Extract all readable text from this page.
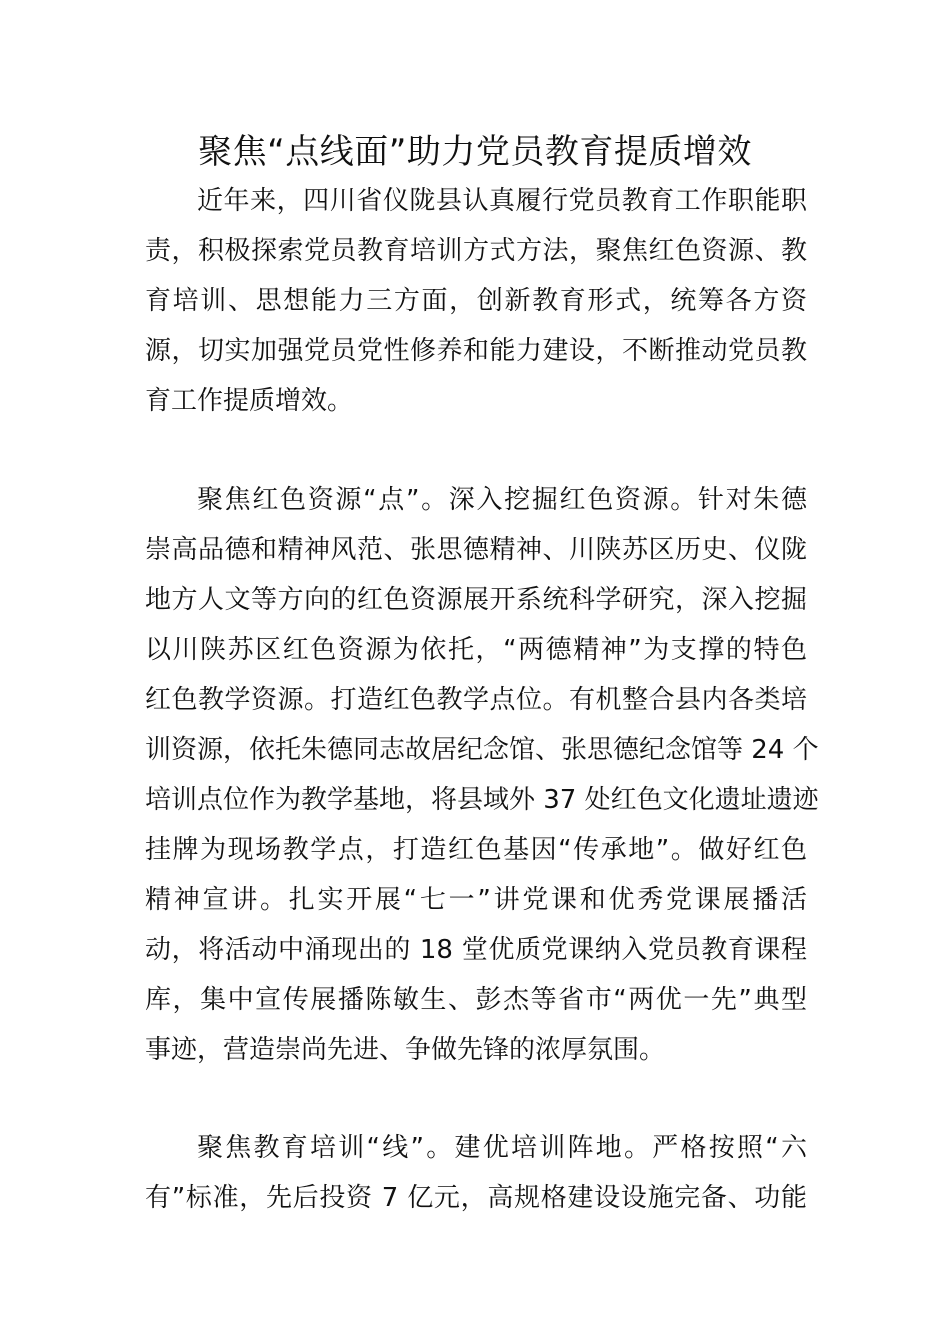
聚焦“点线面”助力党员教育提质增效
近年来，四川省仪陇县认真履行党员教育工作职能职
责，积极探索党员教育培训方式方法，聚焦红色资源、教
育培训、思想能力三方面，创新教育形式，统筹各方资
源，切实加强党员党性修养和能力建设，不断推动党员教
育工作提质增效。
聚焦红色资源“点”。深入挖掘红色资源。针对朱德
崇高品德和精神风范、张思德精神、川陕苏区历史、仪陇
地方人文等方向的红色资源展开系统科学研究，深入挖掘
以川陕苏区红色资源为依托，“两德精神”为支撑的特色
红色教学资源。打造红色教学点位。有机整合县内各类培
训资源，依托朱德同志故居纪念馆、张思德纪念馆等 24 个
培训点位作为教学基地，将县域外 37 处红色文化遗址遗迹
挂牌为现场教学点，打造红色基因“传承地”。做好红色
精神宣讲。扎实开展“七一”讲党课和优秀党课展播活
动，将活动中涌现出的 18 堂优质党课纳入党员教育课程
库，集中宣传展播陈敏生、彭杰等省市“两优一先”典型
事迹，营造崇尚先进、争做先锋的浓厚氛围。
聚焦教育培训“线”。建优培训阵地。严格按照“六
有”标准，先后投资 7 亿元，高规格建设设施完备、功能
